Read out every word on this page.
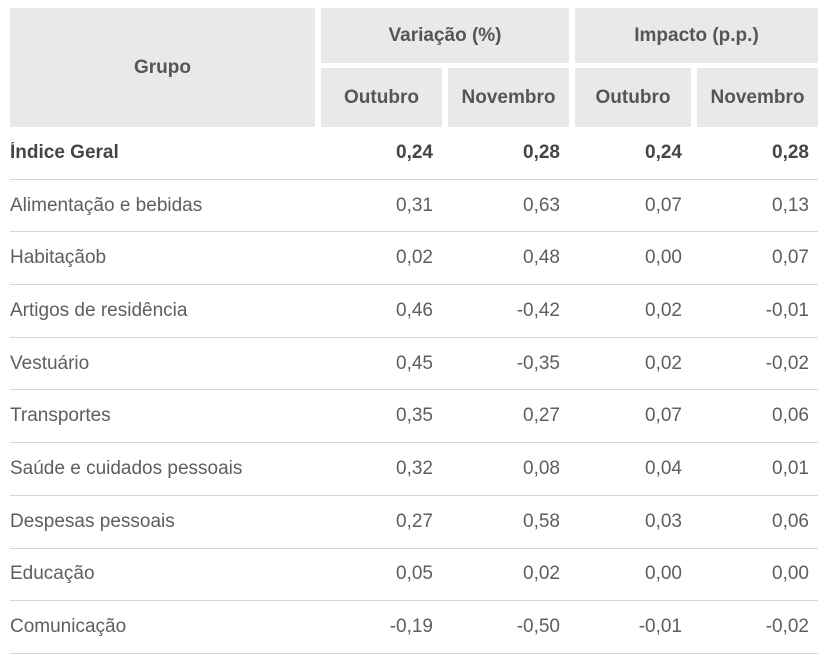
Grupo
Variação (%)	Impacto (p.p.)
Outubro	Novembro	Outubro	Novembro
Índice Geral	0,24	0,28	0,24	0,28
Alimentação e bebidas	0,31	0,63	0,07	0,13
Habitaçãob	0,02	0,48	0,00	0,07
Artigos de residência	0,46	-0,42	0,02	-0,01
Vestuário	0,45	-0,35	0,02	-0,02
Transportes	0,35	0,27	0,07	0,06
Saúde e cuidados pessoais	0,32	0,08	0,04	0,01
Despesas pessoais	0,27	0,58	0,03	0,06
Educação	0,05	0,02	0,00	0,00
Comunicação	-0,19	-0,50	-0,01	-0,02
